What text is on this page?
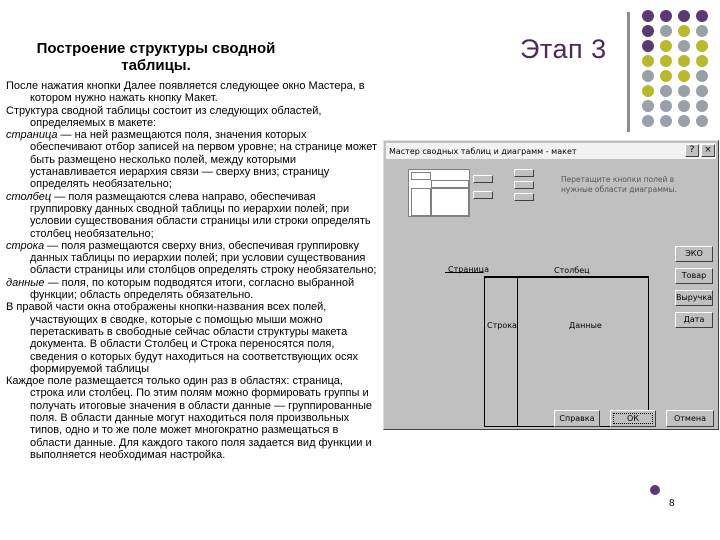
Построение структуры сводной таблицы.
Этап 3
После нажатия кнопки Далее появляется следующее окно Мастера, в котором нужно нажать кнопку Макет.
Структура сводной таблицы состоит из следующих областей, определяемых в макете:
страница — на ней размещаются поля, значения которых обеспечивают отбор записей на первом уровне; на странице может быть размещено несколько полей, между которыми устанавливается иерархия связи — сверху вниз; страницу определять необязательно;
столбец — поля размещаются слева направо, обеспечивая группировку данных сводной таблицы по иерархии полей; при условии существования области страницы или строки определять столбец необязательно;
строка — поля размещаются сверху вниз, обеспечивая группировку данных таблицы по иерархии полей; при условии существования области страницы или столбцов определять строку необязательно;
данные — поля, по которым подводятся итоги, согласно выбранной функции; область определять обязательно.
В правой части окна отображены кнопки-названия всех полей, участвующих в сводке, которые с помощью мыши можно перетаскивать в свободные сейчас области структуры макета документа. В области Столбец и Строка переносятся поля, сведения о которых будут находиться на соответствующих осях формируемой таблицы
Каждое поле размещается только один раз в областях: страница, строка или столбец. По этим полям можно формировать группы и получать итоговые значения в области данные — группированные поля. В области данные могут находиться поля произвольных типов, одно и то же поле может многократно размещаться в области данные. Для каждого такого поля задается вид функции и выполняется необходимая настройка.
Мастер сводных таблиц и диаграмм - макет	?	×
Перетащите кнопки полей в нужные области диаграммы.
Страница	Столбец
Строка	Данные
ЭКО
Товар
Выручка
Дата
Справка	ОК	Отмена
8
